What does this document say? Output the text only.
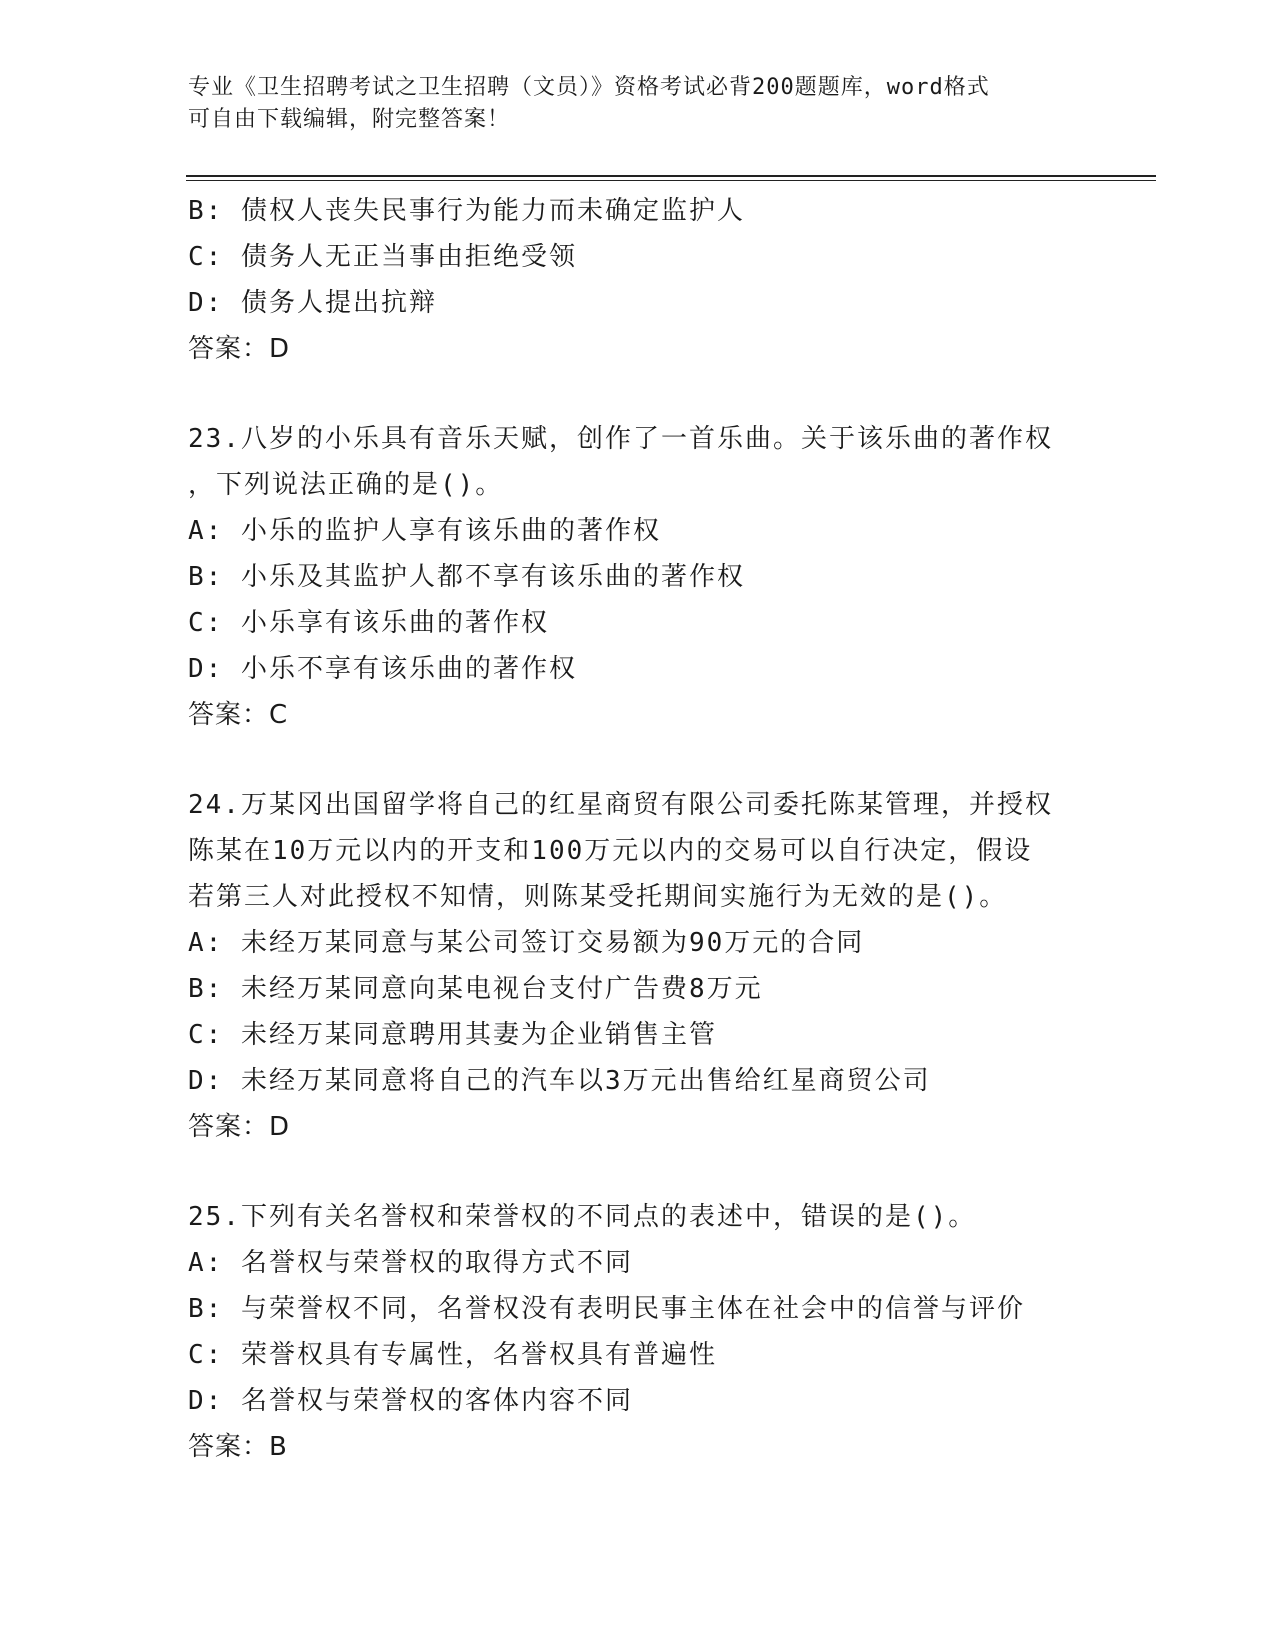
专业《卫生招聘考试之卫生招聘（文员）》资格考试必背200题题库，word格式
可自由下载编辑，附完整答案！
B: 债权人丧失民事行为能力而未确定监护人
C: 债务人无正当事由拒绝受领
D: 债务人提出抗辩
答案：D
23.八岁的小乐具有音乐天赋，创作了一首乐曲。关于该乐曲的著作权
，下列说法正确的是()。
A: 小乐的监护人享有该乐曲的著作权
B: 小乐及其监护人都不享有该乐曲的著作权
C: 小乐享有该乐曲的著作权
D: 小乐不享有该乐曲的著作权
答案：C
24.万某冈出国留学将自己的红星商贸有限公司委托陈某管理，并授权
陈某在10万元以内的开支和100万元以内的交易可以自行决定，假设
若第三人对此授权不知情，则陈某受托期间实施行为无效的是()。
A: 未经万某同意与某公司签订交易额为90万元的合同
B: 未经万某同意向某电视台支付广告费8万元
C: 未经万某同意聘用其妻为企业销售主管
D: 未经万某同意将自己的汽车以3万元出售给红星商贸公司
答案：D
25.下列有关名誉权和荣誉权的不同点的表述中，错误的是()。
A: 名誉权与荣誉权的取得方式不同
B: 与荣誉权不同，名誉权没有表明民事主体在社会中的信誉与评价
C: 荣誉权具有专属性，名誉权具有普遍性
D: 名誉权与荣誉权的客体内容不同
答案：B
